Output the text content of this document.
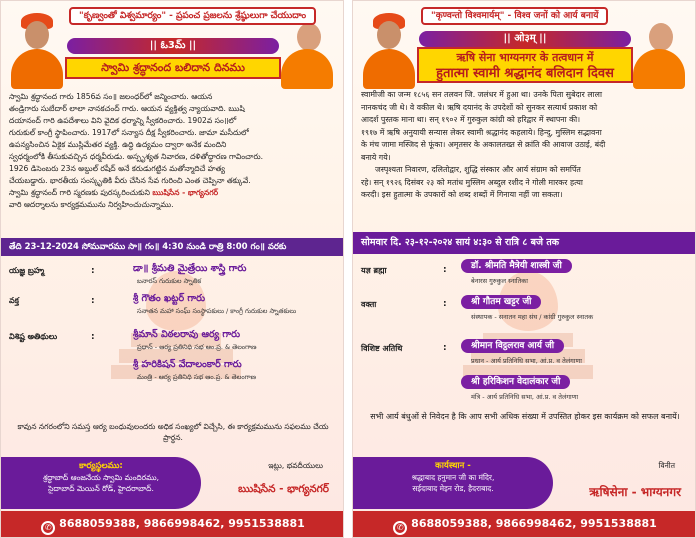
"కృణ్వంతో విశ్వమార్యం" - ప్రపంచ ప్రజలను శ్రేష్ఠులుగా చేయుదాం
|| ఓ3మ్ ||
స్వామి శ్రద్ధానంద బలిదాన దినము
స్వామి శ్రద్ధానంద గారు 1856వ సం॥ జలంధర్‌లో జన్మించారు. ఆయన
తండ్రిగారు సుబేదార్ లాలా నానకచంద్ గారు. ఆయన వ్యక్తిత్వ న్యాయవాది. ఋషి
దయానంద్ గారి ఉపదేశాలు విని వైదిక ధర్మాన్ని స్వీకరించారు. 1902వ సం॥లో
గురుకుల్ కాంగ్రీ స్థాపించారు. 1917లో సన్యాస దీక్ష స్వీకరించారు. జామా మసీదులో
ఉపన్యసించిన ఏకైక ముస్లిమేతర వ్యక్తి. ఉద్ధి ఉద్యమం ద్వారా అనేక మందిని
స్వధర్మంలోకి తీసుకువచ్చిన ధర్మవీరుడు. అస్పృశ్యత నివారణ, దళితోద్ధారణ గావించారు.
1926 డిసెంబరు 23న అబ్దుల్ రషీద్ అనే కరుడుగట్టిన మతోన్మాదిచే హత్య
చేయబడ్డారు. భారతీయ సంస్కృతికి వీరు చేసిన సేవ గురించి ఎంత చెప్పినా తక్కువే.
స్వామి శ్రద్ధానంద్ గారి స్మరణకు పురస్కరించుకుని ఋషిసేన - భాగ్యనగర్
వారి ఆదర్శాలను కార్యక్రమమును నిర్వహించుచున్నాము.
తేది 23-12-2024 సోమవారము సా॥ గం॥ 4:30 నుండి రాత్రి 8:00 గం॥ వరకు
యజ్ఞ బ్రహ్మ	:	డా॥ శ్రీమతి మైత్రేయి శాస్త్రి గారు
బనారస్ గురుకుల స్నాతిక
వక్త	:	శ్రీ గౌతం ఖట్టర్ గారు
సనాతన మహా సంఘ్ సంస్థాపకులు / కాంగ్రీ గురుకుల స్నాతకులు
విశిష్ట అతిథులు	:	శ్రీమాన్ విఠలరావు ఆర్య గారు
ప్రధాన్ - ఆర్య ప్రతినిధి సభ ఆం.ప్ర. & తెలంగాణ
శ్రీ హరికిషన్ వేదాలంకార్ గారు
మంత్రి - ఆర్య ప్రతినిధి సభ ఆం.ప్ర. & తెలంగాణ
కావున నగరంలోని సమస్త ఆర్య బంధువులందరు అధిక సంఖ్యలో విచ్చేసి, ఈ కార్యక్రమమును సఫలము చేయ ప్రార్థన.
కార్యస్థలము:
శ్రద్ధాబాద్ ఆంజనేయ స్వామి మందిరము,
సైదాబాద్ మెయిన్ రోడ్, హైదరాబాద్.
ఇట్లు, భవదీయులు
ఋషిసేన - భాగ్యనగర్
✆ 8688059388, 9866998462, 9951538881
"कृण्वन्तो विश्वमार्यम्" - विश्व जनों को आर्य बनायें
|| ओ३म् ||
ऋषि सेना भाग्यनगर के तत्वधान में
हुतात्मा स्वामी श्रद्धानंद बलिदान दिवस
स्वामीजी का जन्म १८५६ सन तलवन जि. जलंधर में हुआ था। उनके पिता सुबेदार लाला
नानकचंद जी थे। वे वकील थे। ऋषि दयानंद के उपदेशों को सुनकर सत्यार्थ प्रकाश को
आदर्श पुस्तक माना था। सन् १९०२ में गुरुकुल कांग्री को हरिद्वार में स्थापना की।
१९१७ में ऋषि अनुयायी सन्यास लेकर स्वामी श्रद्धानंद कहलाये। हिन्दु, मुस्लिम सद्भावना
के मंच जामा मस्जिद से फूंका। अमृतसर के अकालतख्त से क्रांति की आवाज उठाई, बंदी
बनाये गये।
जस्पृश्यता निवारण, दलितोद्वार, शुद्धि संस्कार और आर्य संग्राम को समर्पित
रहे। सन् १९२६ दिसंबर २३ को मतांध मुस्लिम अब्दुल रशीद ने गोली मारकर हत्या
करदी। इस हुतात्मा के उपकारों को शब्द शब्दों में गिनाया नहीं जा सकता।
सोमवार दि. २३-१२-२०२४ सायं ४:३० से रात्रि ८ बजे तक
यज्ञ ब्रह्मा	:	डॉ. श्रीमति मैत्रेयी शास्त्री जी
बेनारस गुरुकुल स्नातिका
वक्ता	:	श्री गौतम खट्टर जी
संस्थापक - सनातन महा संघ / कांग्री गुरुकुल स्नातक
विशिष्ट अतिथि	:	श्रीमान विट्ठलराव आर्य जी
प्रधान - आर्य प्रतिनिधि सभा, आं.प्र. व तेलंगाणा
श्री हरिकिशन वेदालंकार जी
मंत्रि - आर्य प्रतिनिधि सभा, आं.प्र. व तेलंगाणा
सभी आर्य बंधुओं से निवेदन है कि आप सभी अधिक संख्या में उपस्तित होकर इस कार्यक्रम को सफल बनायें।
कार्यस्थान -
श्रद्धाबाद हनुमान जी का मंदिर,
सईदाबाद मेइन रोड, हैदराबाद.
विनीत
ऋषिसेना - भाग्यनगर
✆ 8688059388, 9866998462, 9951538881
